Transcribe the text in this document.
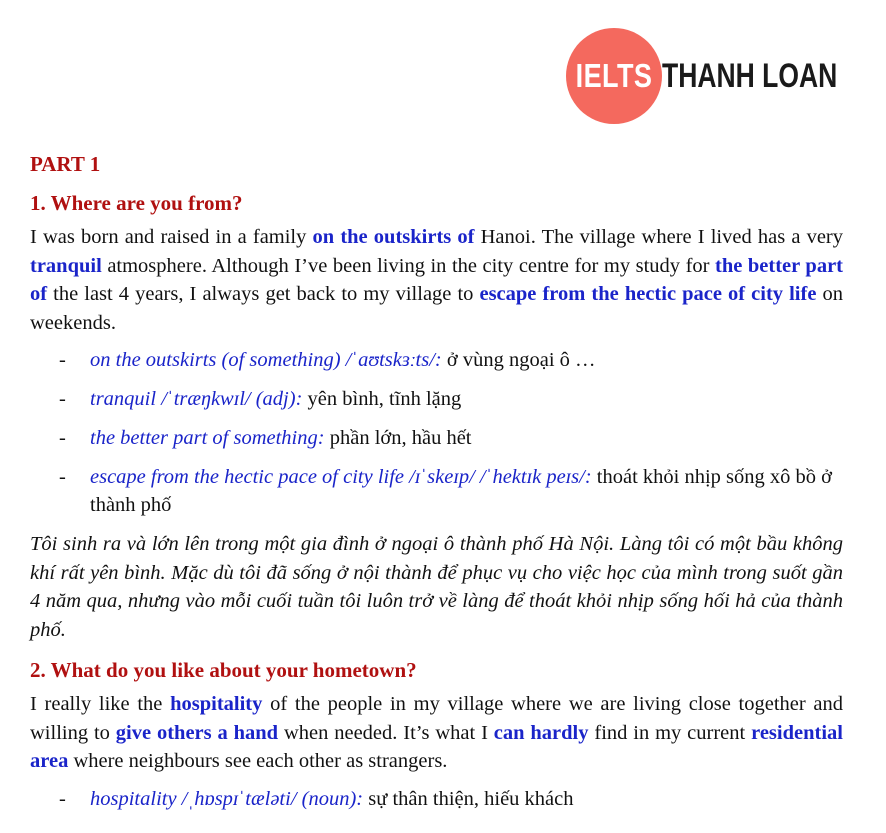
IELTS THANH LOAN
PART 1
1. Where are you from?

I was born and raised in a family on the outskirts of Hanoi. The village where I lived has a very tranquil atmosphere. Although I’ve been living in the city centre for my study for the better part of the last 4 years, I always get back to my village to escape from the hectic pace of city life on weekends.

- on the outskirts (of something) /ˈaʊtskɜːts/: ở vùng ngoại ô …
- tranquil /ˈtræŋkwɪl/ (adj): yên bình, tĩnh lặng
- the better part of something: phần lớn, hầu hết
- escape from the hectic pace of city life /ɪˈskeɪp/ /ˈhektɪk peɪs/: thoát khỏi nhịp sống xô bồ ở thành phố

Tôi sinh ra và lớn lên trong một gia đình ở ngoại ô thành phố Hà Nội. Làng tôi có một bầu không khí rất yên bình. Mặc dù tôi đã sống ở nội thành để phục vụ cho việc học của mình trong suốt gần 4 năm qua, nhưng vào mỗi cuối tuần tôi luôn trở về làng để thoát khỏi nhịp sống hối hả của thành phố.

2. What do you like about your hometown?

I really like the hospitality of the people in my village where we are living close together and willing to give others a hand when needed. It’s what I can hardly find in my current residential area where neighbours see each other as strangers.

- hospitality /ˌhɒspɪˈtæləti/ (noun): sự thân thiện, hiếu khách
